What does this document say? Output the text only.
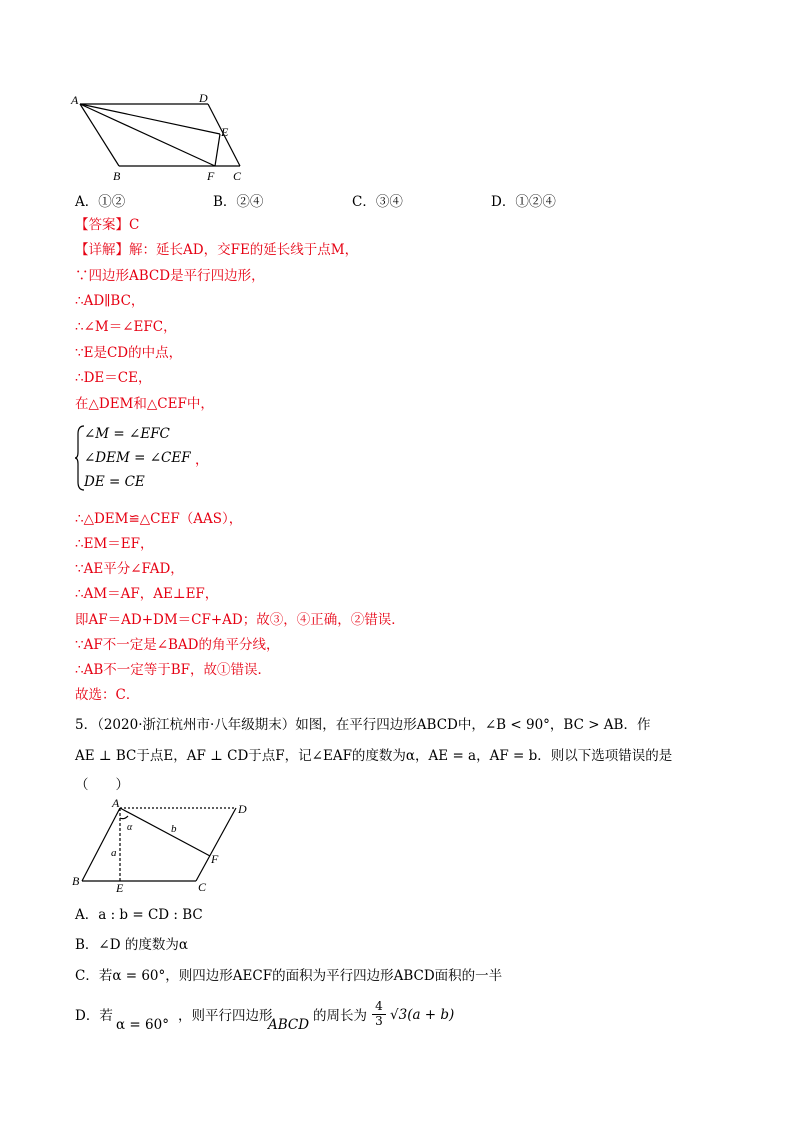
A	D
E
B	F C
A．①②	B．②④	C．③④	D．①②④
【答案】C
【详解】解：延长AD，交FE的延长线于点M，
∵四边形ABCD是平行四边形，
∴AD∥BC，
∴∠M＝∠EFC，
∵E是CD的中点，
∴DE＝CE，
在△DEM和△CEF中，
∠M = ∠EFC
∠DEM = ∠CEF
DE = CE
，
∴△DEM≌△CEF（AAS），
∴EM＝EF，
∵AE平分∠FAD，
∴AM＝AF，AE⊥EF，
即AF＝AD+DM＝CF+AD；故③，④正确，②错误．
∵AF不一定是∠BAD的角平分线，
∴AB不一定等于BF，故①错误．
故选：C．
5．（2020·浙江杭州市·八年级期末）如图，在平行四边形ABCD中，∠B < 90°，BC > AB．作
AE ⊥ BC于点E，AF ⊥ CD于点F，记∠EAF的度数为α，AE = a，AF = b．则以下选项错误的是
（　　）
A	D
B	E	C
F
α
a
b
A．a : b = CD : BC
B．∠D 的度数为α
C．若α = 60°，则四边形AECF的面积为平行四边形ABCD面积的一半
D．若
α = 60°
，则平行四边形
ABCD
的周长为 $\frac{4}{3} √3(a + b)$
